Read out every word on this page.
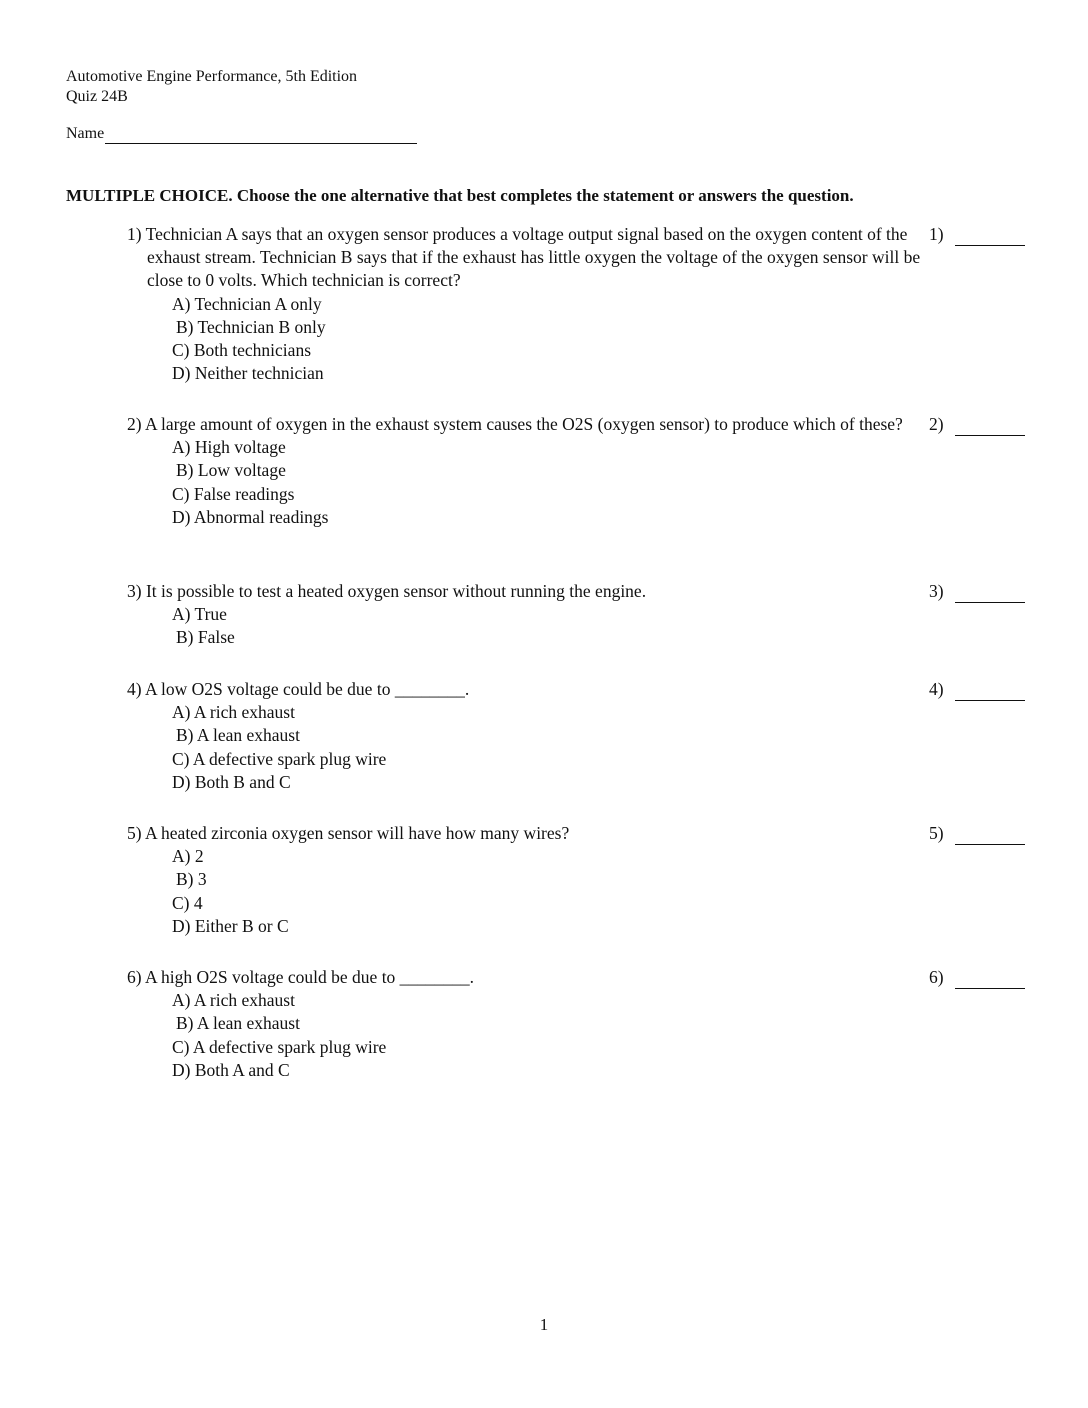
Automotive Engine Performance, 5th Edition
Quiz 24B
Name
MULTIPLE CHOICE. Choose the one alternative that best completes the statement or answers the question.
1) Technician A says that an oxygen sensor produces a voltage output signal based on the oxygen content of the exhaust stream. Technician B says that if the exhaust has little oxygen the voltage of the oxygen sensor will be close to 0 volts. Which technician is correct?
A) Technician A only
B) Technician B only
C) Both technicians
D) Neither technician
1)
2) A large amount of oxygen in the exhaust system causes the O2S (oxygen sensor) to produce which of these?
A) High voltage
B) Low voltage
C) False readings
D) Abnormal readings
2)
3) It is possible to test a heated oxygen sensor without running the engine.
A) True
B) False
3)
4) A low O2S voltage could be due to ________.
A) A rich exhaust
B) A lean exhaust
C) A defective spark plug wire
D) Both B and C
4)
5) A heated zirconia oxygen sensor will have how many wires?
A) 2
B) 3
C) 4
D) Either B or C
5)
6) A high O2S voltage could be due to ________.
A) A rich exhaust
B) A lean exhaust
C) A defective spark plug wire
D) Both A and C
6)
1
